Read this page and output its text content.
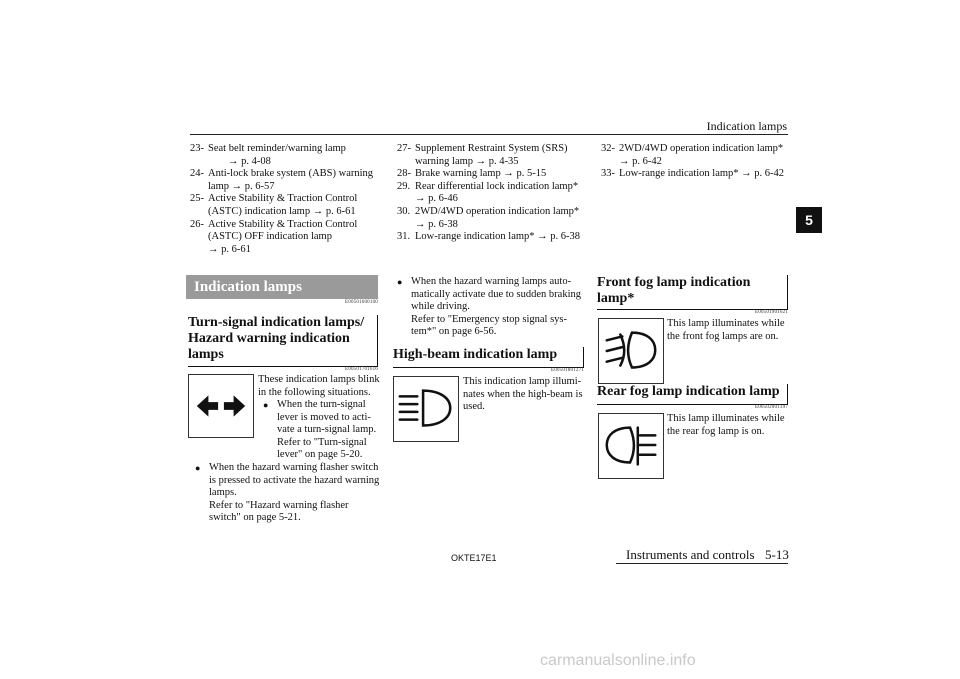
Indication lamps
5
23- Seat belt reminder/warning lamp
→ p. 4-08
24- Anti-lock brake system (ABS) warning
lamp → p. 6-57
25- Active Stability & Traction Control
(ASTC) indication lamp → p. 6-61
26- Active Stability & Traction Control
(ASTC) OFF indication lamp
→ p. 6-61
27- Supplement Restraint System (SRS)
warning lamp → p. 4-35
28- Brake warning lamp → p. 5-15
29. Rear differential lock indication lamp*
→ p. 6-46
30. 2WD/4WD operation indication lamp*
→ p. 6-38
31. Low-range indication lamp* → p. 6-38
32- 2WD/4WD operation indication lamp*
→ p. 6-42
33- Low-range indication lamp* → p. 6-42
Indication lamps
E00501600100
Turn-signal indication lamps/
Hazard warning indication
lamps
E00501701616
These indication lamps blink
in the following situations.
● When the turn-signal
lever is moved to acti-
vate a turn-signal lamp.
Refer to "Turn-signal
lever" on page 5-20.
● When the hazard warning flasher switch
is pressed to activate the hazard warning
lamps.
Refer to "Hazard warning flasher
switch" on page 5-21.
● When the hazard warning lamps auto-
matically activate due to sudden braking
while driving.
Refer to "Emergency stop signal sys-
tem*" on page 6-56.
High-beam indication lamp
E00501801271
This indication lamp illumi-
nates when the high-beam is
used.
Front fog lamp indication
lamp*
E00501901621
This lamp illuminates while
the front fog lamps are on.
Rear fog lamp indication lamp
E00502001397
This lamp illuminates while
the rear fog lamp is on.
OKTE17E1	Instruments and controls 5-13
carmanualsonline.info
